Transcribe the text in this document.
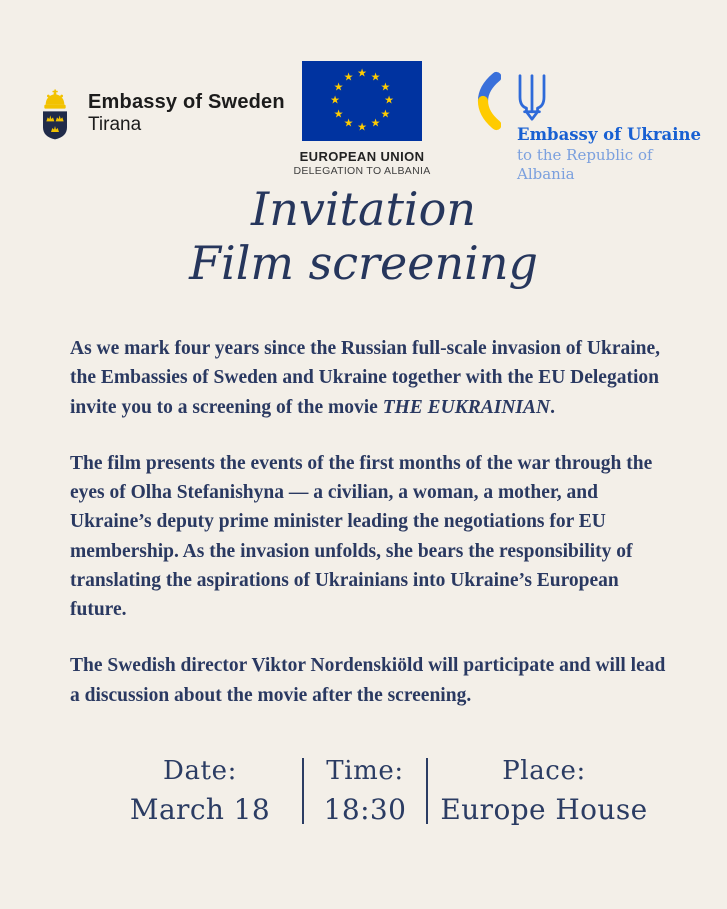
Embassy of Sweden
Tirana
★ ★
★
★
★
★
★
★
★
★
★
★
EUROPEAN UNION
DELEGATION TO ALBANIA
Embassy of Ukraine
to the Republic of Albania
Invitation
Film screening

As we mark four years since the Russian full-scale invasion of Ukraine, the Embassies of Sweden and Ukraine together with the EU Delegation invite you to a screening of the movie THE EUKRAINIAN.

The film presents the events of the first months of the war through the eyes of Olha Stefanishyna — a civilian, a woman, a mother, and Ukraine’s deputy prime minister leading the negotiations for EU membership. As the invasion unfolds, she bears the responsibility of translating the aspirations of Ukrainians into Ukraine’s European future.

The Swedish director Viktor Nordenskiöld will participate and will lead a discussion about the movie after the screening.

Date:
March 18
Time:
18:30
Place:
Europe House
